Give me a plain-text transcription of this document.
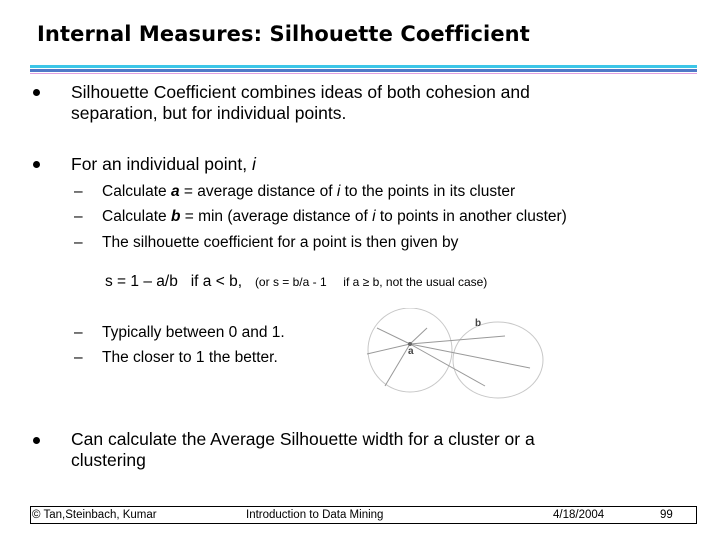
Internal Measures: Silhouette Coefficient
Silhouette Coefficient combines ideas of both cohesion and
separation, but for individual points.
For an individual point, i
– Calculate a = average distance of i to the points in its cluster
– Calculate b = min (average distance of i to points in another cluster)
– The silhouette coefficient for a point is then given by
s = 1 – a/b   if a < b, (or s = b/a - 1     if a ≥ b, not the usual case)
– Typically between 0 and 1.
– The closer to 1 the better.	a
b
Can calculate the Average Silhouette width for a cluster or a
clustering
© Tan,Steinbach, Kumar	Introduction to Data Mining	4/18/2004	99
